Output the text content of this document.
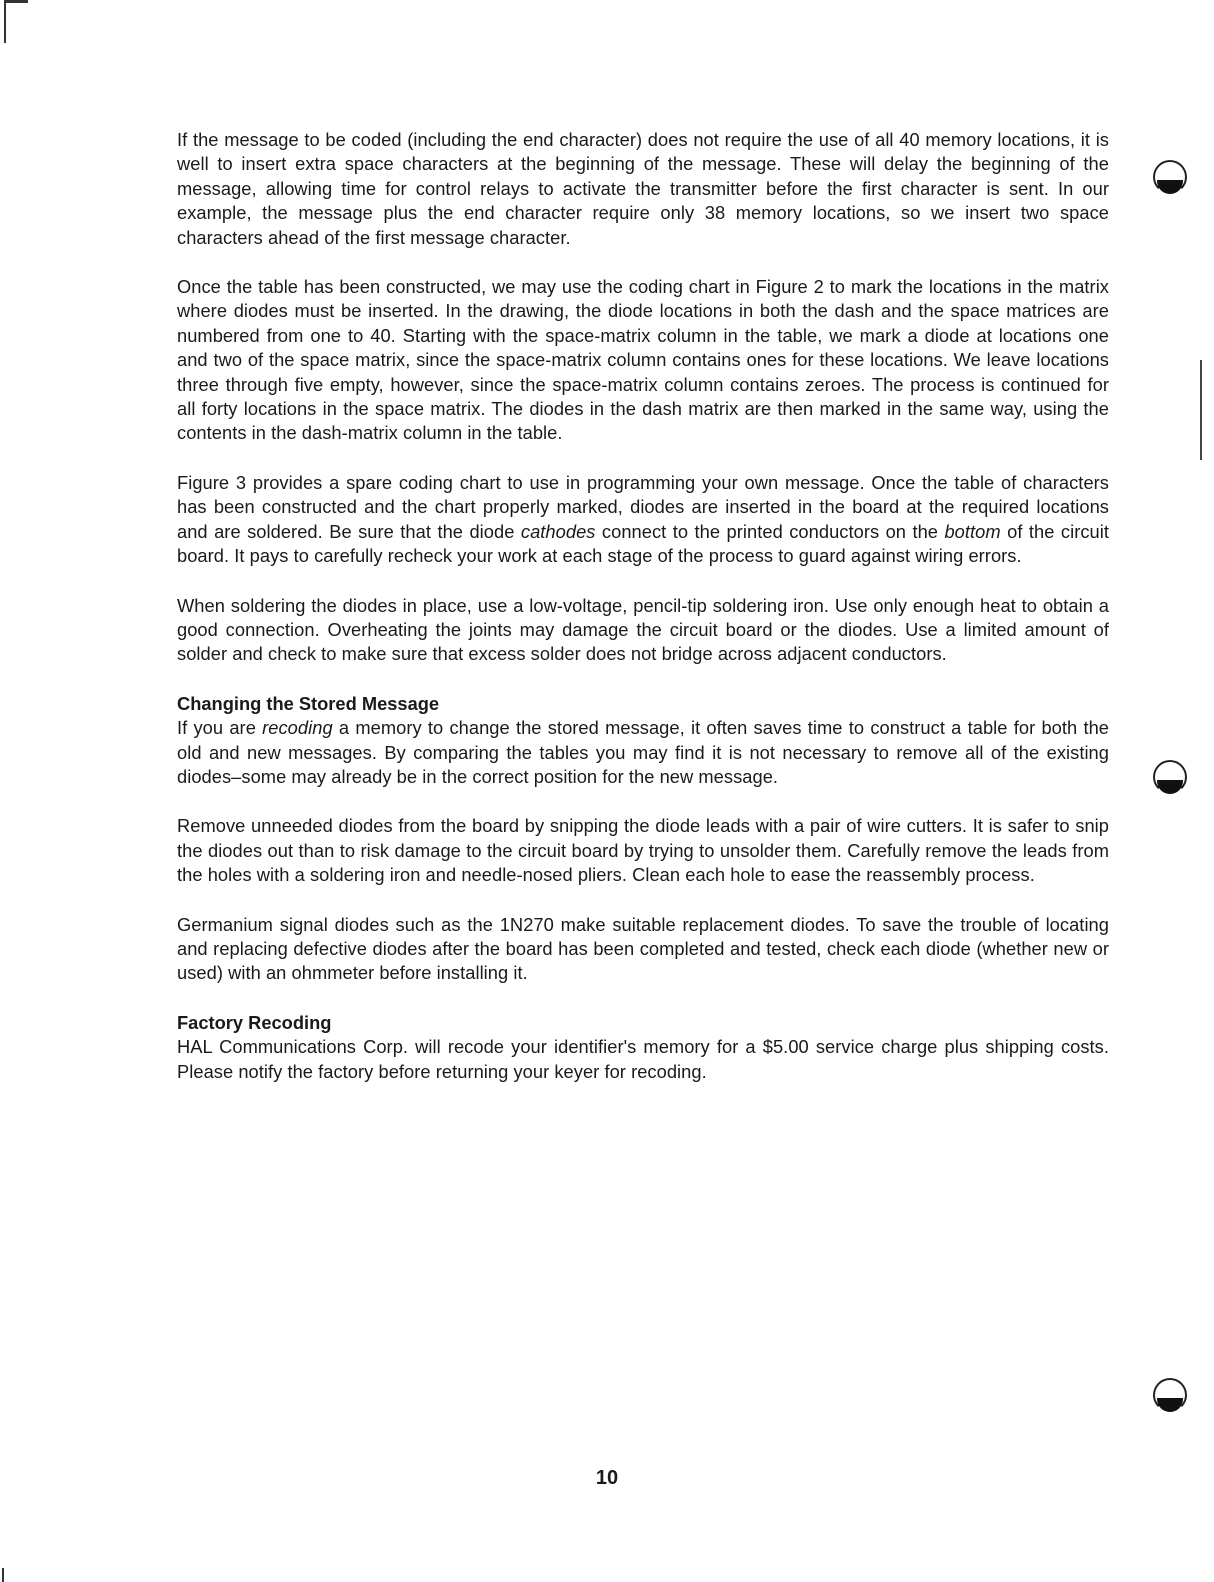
If the message to be coded (including the end character) does not require the use of all 40 memory locations, it is well to insert extra space characters at the beginning of the message. These will delay the beginning of the message, allowing time for control relays to activate the transmitter before the first character is sent. In our example, the message plus the end character require only 38 memory locations, so we insert two space characters ahead of the first message character.

Once the table has been constructed, we may use the coding chart in Figure 2 to mark the locations in the matrix where diodes must be inserted. In the drawing, the diode locations in both the dash and the space matrices are numbered from one to 40. Starting with the space-matrix column in the table, we mark a diode at locations one and two of the space matrix, since the space-matrix column contains ones for these locations. We leave locations three through five empty, however, since the space-matrix column contains zeroes. The process is continued for all forty locations in the space matrix. The diodes in the dash matrix are then marked in the same way, using the contents in the dash-matrix column in the table.

Figure 3 provides a spare coding chart to use in programming your own message. Once the table of characters has been constructed and the chart properly marked, diodes are inserted in the board at the required locations and are soldered. Be sure that the diode cathodes connect to the printed conductors on the bottom of the circuit board. It pays to carefully recheck your work at each stage of the process to guard against wiring errors.

When soldering the diodes in place, use a low-voltage, pencil-tip soldering iron. Use only enough heat to obtain a good connection. Overheating the joints may damage the circuit board or the diodes. Use a limited amount of solder and check to make sure that excess solder does not bridge across adjacent conductors.

Changing the Stored Message

If you are recoding a memory to change the stored message, it often saves time to construct a table for both the old and new messages. By comparing the tables you may find it is not necessary to remove all of the existing diodes–some may already be in the correct position for the new message.

Remove unneeded diodes from the board by snipping the diode leads with a pair of wire cutters. It is safer to snip the diodes out than to risk damage to the circuit board by trying to unsolder them. Carefully remove the leads from the holes with a soldering iron and needle-nosed pliers. Clean each hole to ease the reassembly process.

Germanium signal diodes such as the 1N270 make suitable replacement diodes. To save the trouble of locating and replacing defective diodes after the board has been completed and tested, check each diode (whether new or used) with an ohmmeter before installing it.

Factory Recoding

HAL Communications Corp. will recode your identifier's memory for a $5.00 service charge plus shipping costs. Please notify the factory before returning your keyer for recoding.

10
